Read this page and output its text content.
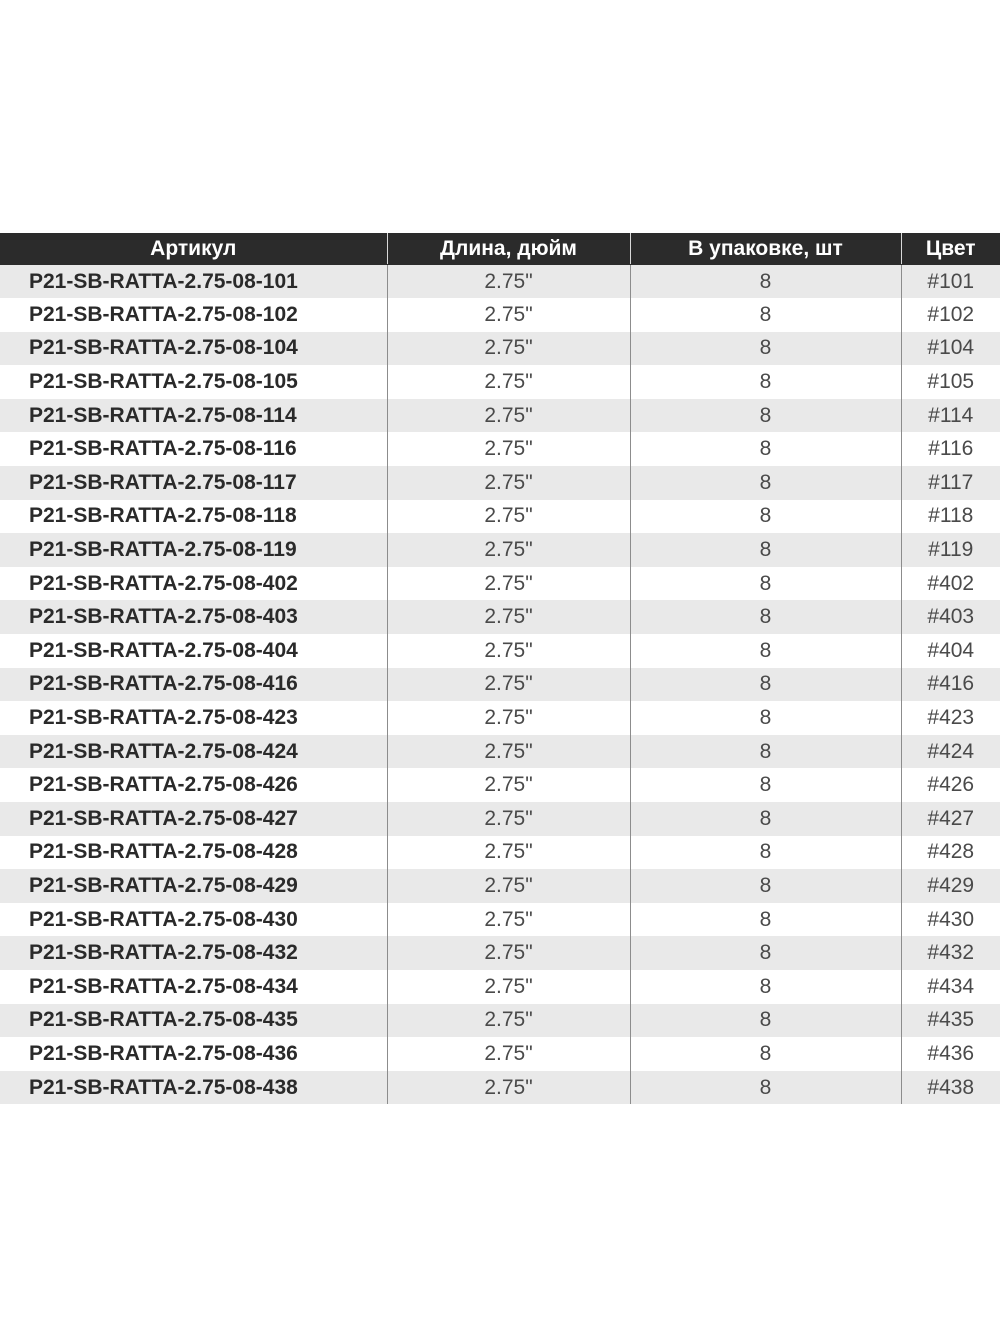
Артикул	Длина, дюйм	В упаковке, шт	Цвет
P21-SB-RATTA-2.75-08-101	2.75"	8	#101
P21-SB-RATTA-2.75-08-102	2.75"	8	#102
P21-SB-RATTA-2.75-08-104	2.75"	8	#104
P21-SB-RATTA-2.75-08-105	2.75"	8	#105
P21-SB-RATTA-2.75-08-114	2.75"	8	#114
P21-SB-RATTA-2.75-08-116	2.75"	8	#116
P21-SB-RATTA-2.75-08-117	2.75"	8	#117
P21-SB-RATTA-2.75-08-118	2.75"	8	#118
P21-SB-RATTA-2.75-08-119	2.75"	8	#119
P21-SB-RATTA-2.75-08-402	2.75"	8	#402
P21-SB-RATTA-2.75-08-403	2.75"	8	#403
P21-SB-RATTA-2.75-08-404	2.75"	8	#404
P21-SB-RATTA-2.75-08-416	2.75"	8	#416
P21-SB-RATTA-2.75-08-423	2.75"	8	#423
P21-SB-RATTA-2.75-08-424	2.75"	8	#424
P21-SB-RATTA-2.75-08-426	2.75"	8	#426
P21-SB-RATTA-2.75-08-427	2.75"	8	#427
P21-SB-RATTA-2.75-08-428	2.75"	8	#428
P21-SB-RATTA-2.75-08-429	2.75"	8	#429
P21-SB-RATTA-2.75-08-430	2.75"	8	#430
P21-SB-RATTA-2.75-08-432	2.75"	8	#432
P21-SB-RATTA-2.75-08-434	2.75"	8	#434
P21-SB-RATTA-2.75-08-435	2.75"	8	#435
P21-SB-RATTA-2.75-08-436	2.75"	8	#436
P21-SB-RATTA-2.75-08-438	2.75"	8	#438
